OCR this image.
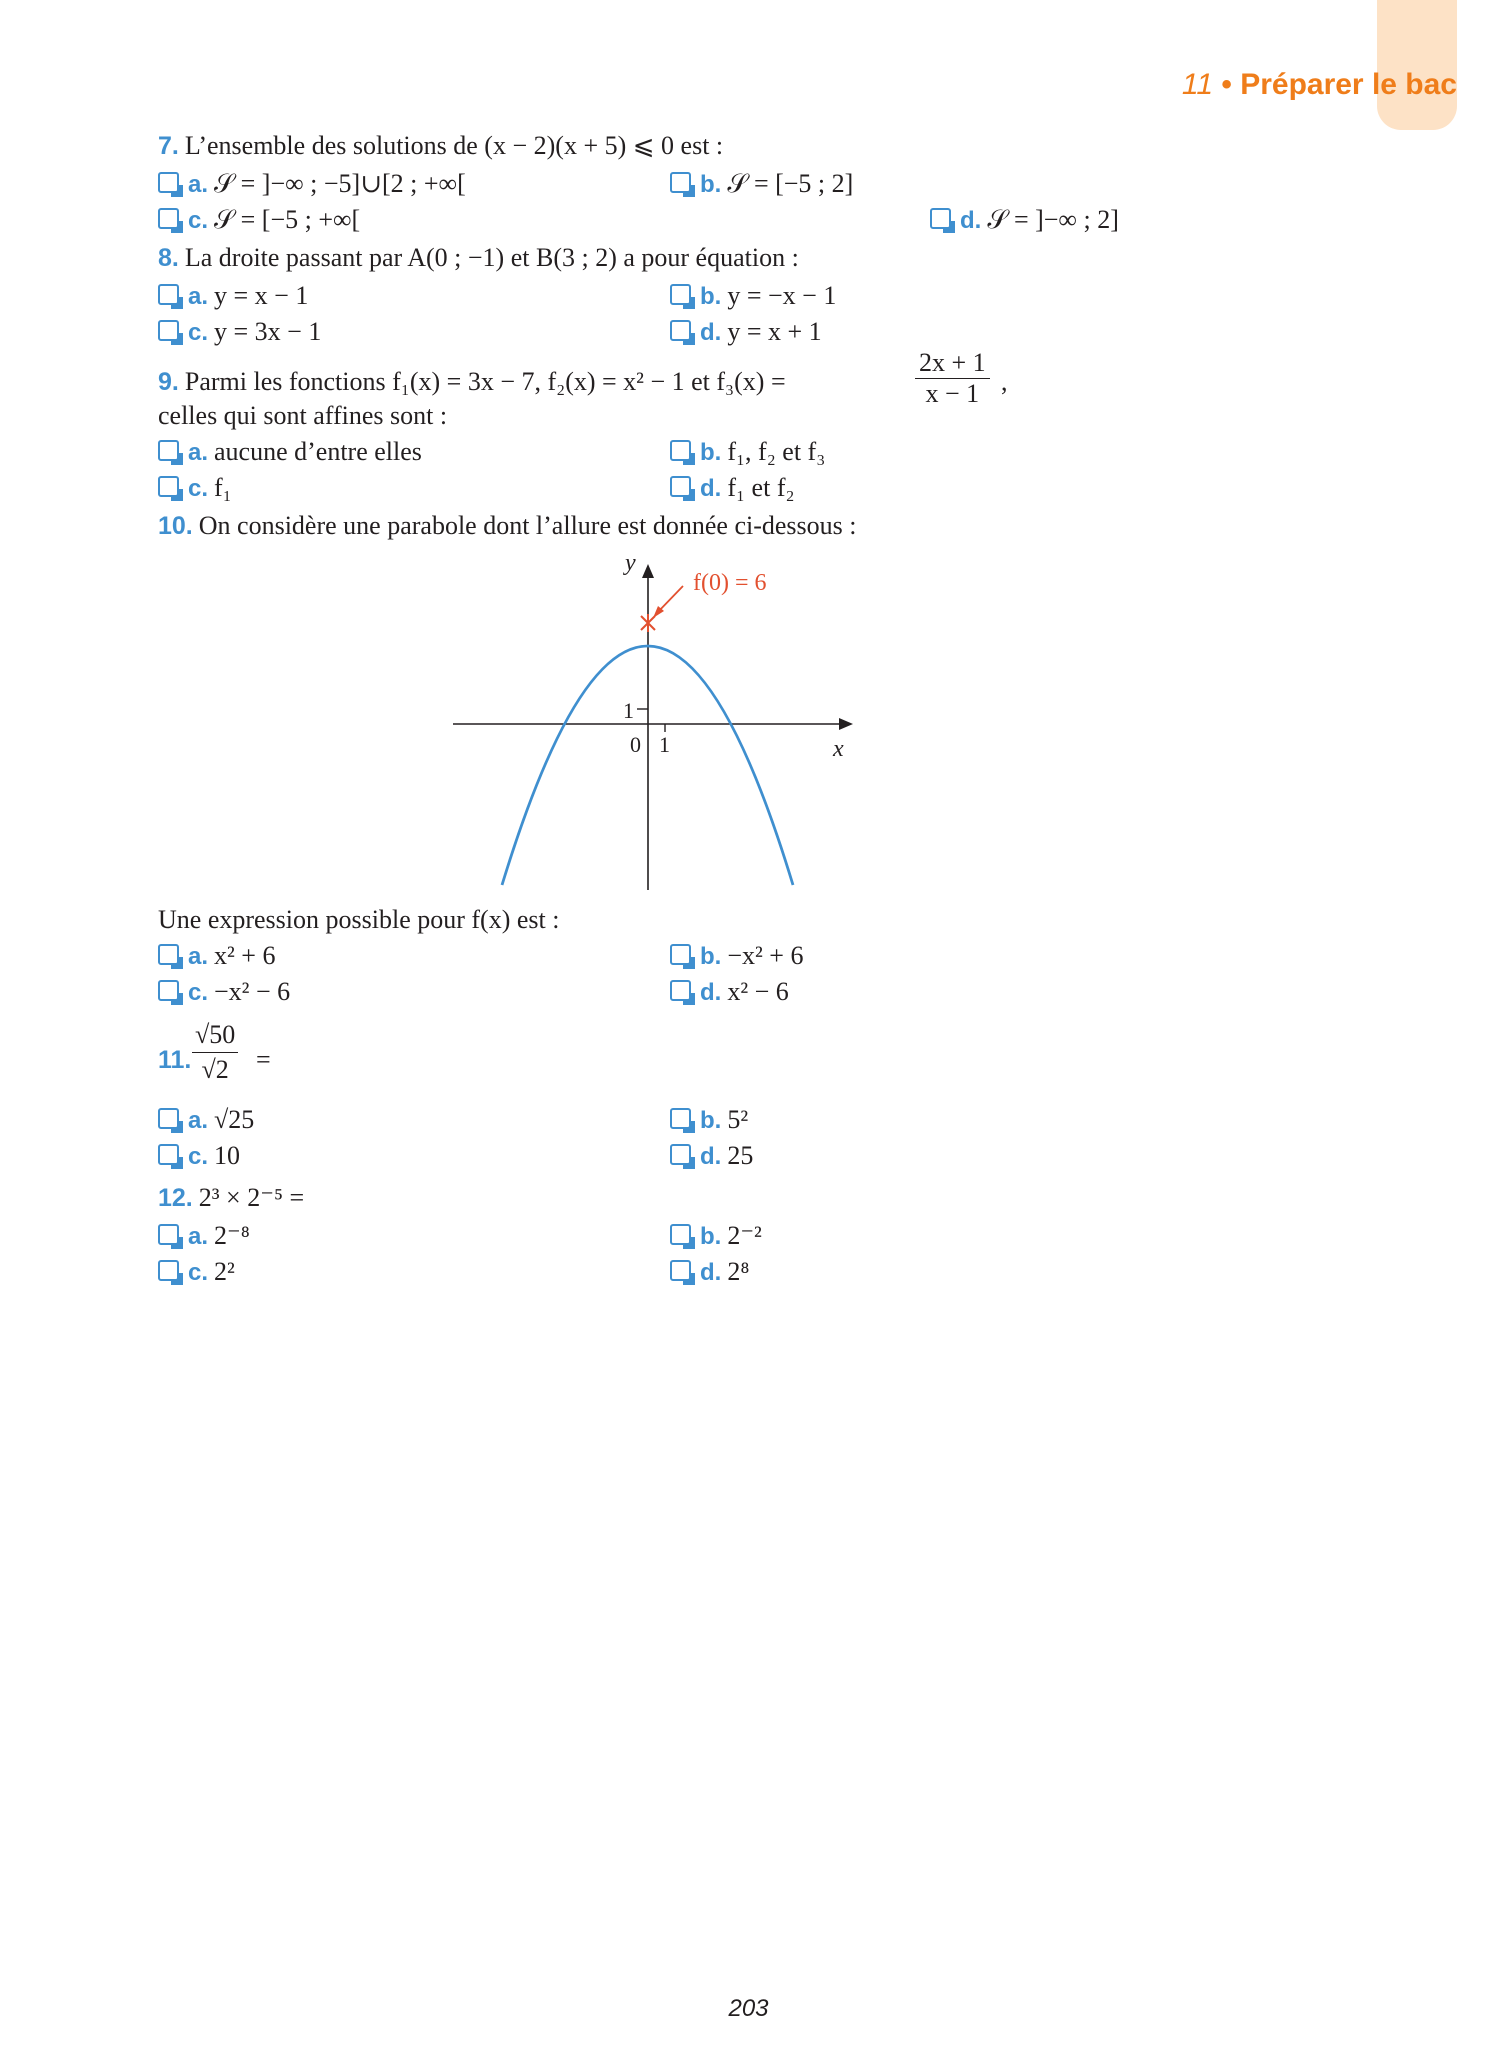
11 • Préparer le bac
7. L’ensemble des solutions de (x − 2)(x + 5) ⩽ 0 est :
a. 𝒮 = ]−∞ ; −5]∪[2 ; +∞[	b. 𝒮 = [−5 ; 2]
c. 𝒮 = [−5 ; +∞[	d. 𝒮 = ]−∞ ; 2]
8. La droite passant par A(0 ; −1) et B(3 ; 2) a pour équation :
a. y = x − 1	b. y = −x − 1
c. y = 3x − 1	d. y = x + 1
9. Parmi les fonctions f₁(x) = 3x − 7, f₂(x) = x² − 1 et f₃(x) =	$\frac{2x + 1}{x - 1}$ ,
celles qui sont affines sont :
a. aucune d’entre elles	b. f₁, f₂ et f₃
c. f₁	d. f₁ et f₂
10. On considère une parabole dont l’allure est donnée ci-dessous :
f(0) = 6
y
x
1
0 1
Une expression possible pour f(x) est :
a. x² + 6	b. −x² + 6
c. −x² − 6	d. x² − 6
11. $\frac{√50}{√2}$ =
a. √25	b. 5²
c. 10	d. 25
12. 2³ × 2⁻⁵ =
a. 2⁻⁸	b. 2⁻²
c. 2²	d. 2⁸
203
